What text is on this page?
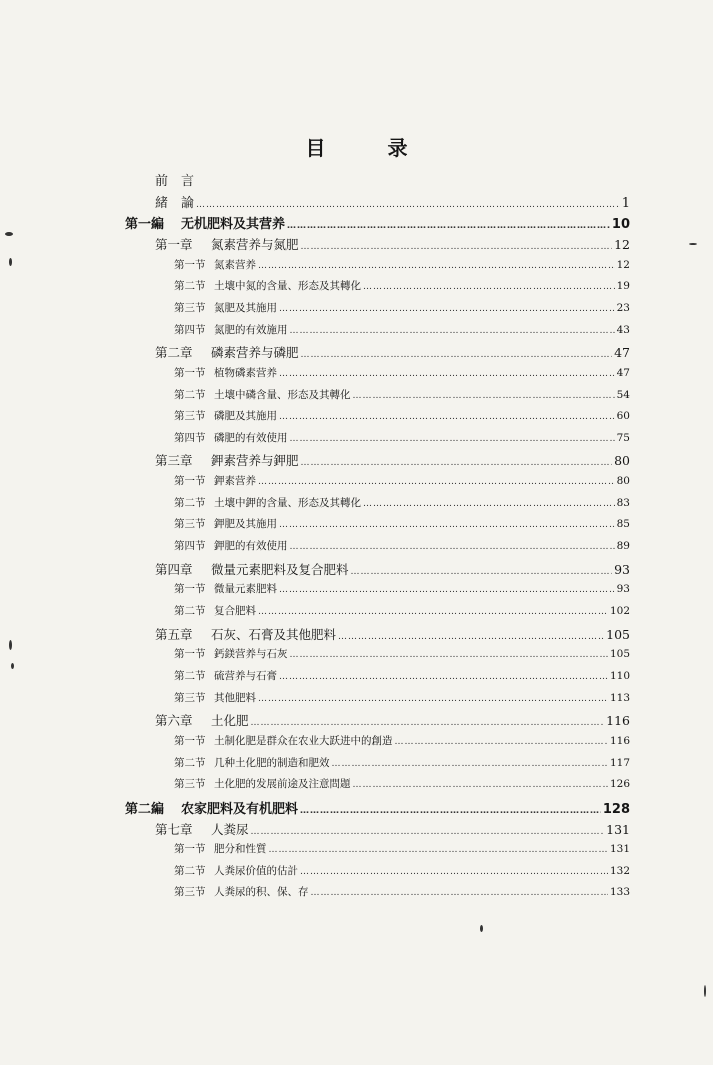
目	录
前　言
緒　論 ………………………………………………………………………………………………………………………………………………………………………………	1
第一編	无机肥料及其营养 ………………………………………………………………………………………………………………………………………………………………………………	10
第一章	氮素营养与氮肥 ………………………………………………………………………………………………………………………………………………………………………………	12
第一节 氮素营养 ………………………………………………………………………………………………………………………………………………………………………………	12
第二节 土壤中氮的含量、形态及其轉化 ………………………………………………………………………………………………………………………………………………………………………………	19
第三节 氮肥及其施用 ………………………………………………………………………………………………………………………………………………………………………………	23
第四节 氮肥的有效施用 ………………………………………………………………………………………………………………………………………………………………………………	43
第二章	磷素营养与磷肥 ………………………………………………………………………………………………………………………………………………………………………………	47
第一节 植物磷素营养 ………………………………………………………………………………………………………………………………………………………………………………	47
第二节 土壤中磷含量、形态及其轉化 ………………………………………………………………………………………………………………………………………………………………………………	54
第三节 磷肥及其施用 ………………………………………………………………………………………………………………………………………………………………………………	60
第四节 磷肥的有效使用 ………………………………………………………………………………………………………………………………………………………………………………	75
第三章	鉀素营养与鉀肥 ………………………………………………………………………………………………………………………………………………………………………………	80
第一节 鉀素营养 ………………………………………………………………………………………………………………………………………………………………………………	80
第二节 土壤中鉀的含量、形态及其轉化 ………………………………………………………………………………………………………………………………………………………………………………	83
第三节 鉀肥及其施用 ………………………………………………………………………………………………………………………………………………………………………………	85
第四节 鉀肥的有效使用 ………………………………………………………………………………………………………………………………………………………………………………	89
第四章	微量元素肥料及复合肥料 ………………………………………………………………………………………………………………………………………………………………………………	93
第一节 微量元素肥料 ………………………………………………………………………………………………………………………………………………………………………………	93
第二节 复合肥料 ………………………………………………………………………………………………………………………………………………………………………………	102
第五章	石灰、石膏及其他肥料 ………………………………………………………………………………………………………………………………………………………………………………	105
第一节 鈣鎂营养与石灰 ………………………………………………………………………………………………………………………………………………………………………………	105
第二节 硫营养与石膏 ………………………………………………………………………………………………………………………………………………………………………………	110
第三节 其他肥料 ………………………………………………………………………………………………………………………………………………………………………………	113
第六章	土化肥 ………………………………………………………………………………………………………………………………………………………………………………	116
第一节 土制化肥是群众在农业大跃进中的創造 ………………………………………………………………………………………………………………………………………………………………………………	116
第二节 几种土化肥的制造和肥效 ………………………………………………………………………………………………………………………………………………………………………………	117
第三节 土化肥的发展前途及注意問題 ………………………………………………………………………………………………………………………………………………………………………………	126
第二編	农家肥料及有机肥料 ………………………………………………………………………………………………………………………………………………………………………………	128
第七章	人粪尿 ………………………………………………………………………………………………………………………………………………………………………………	131
第一节 肥分和性質 ………………………………………………………………………………………………………………………………………………………………………………	131
第二节 人粪尿价值的估計 ………………………………………………………………………………………………………………………………………………………………………………	132
第三节 人粪尿的积、保、存 ………………………………………………………………………………………………………………………………………………………………………………	133
